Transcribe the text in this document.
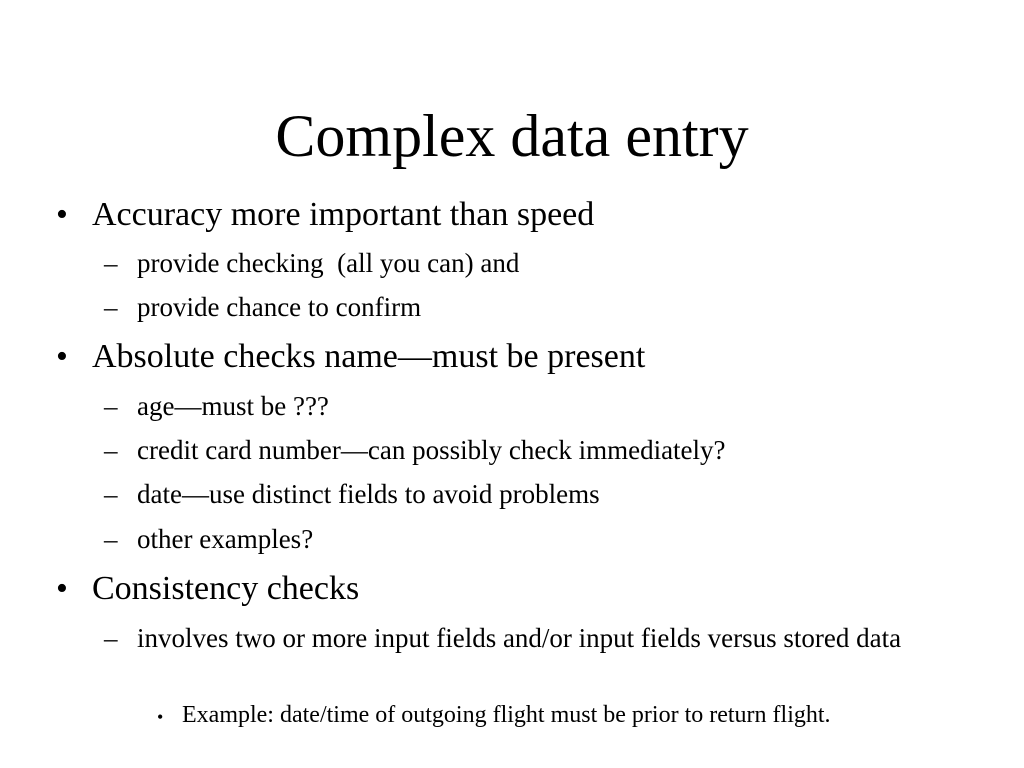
Complex data entry
• Accuracy more important than speed
– provide checking  (all you can) and
– provide chance to confirm
• Absolute checks name—must be present
– age—must be ???
– credit card number—can possibly check immediately?
– date—use distinct fields to avoid problems
– other examples?
• Consistency checks
– involves two or more input fields and/or input fields versus stored data
• Example: date/time of outgoing flight must be prior to return flight.
